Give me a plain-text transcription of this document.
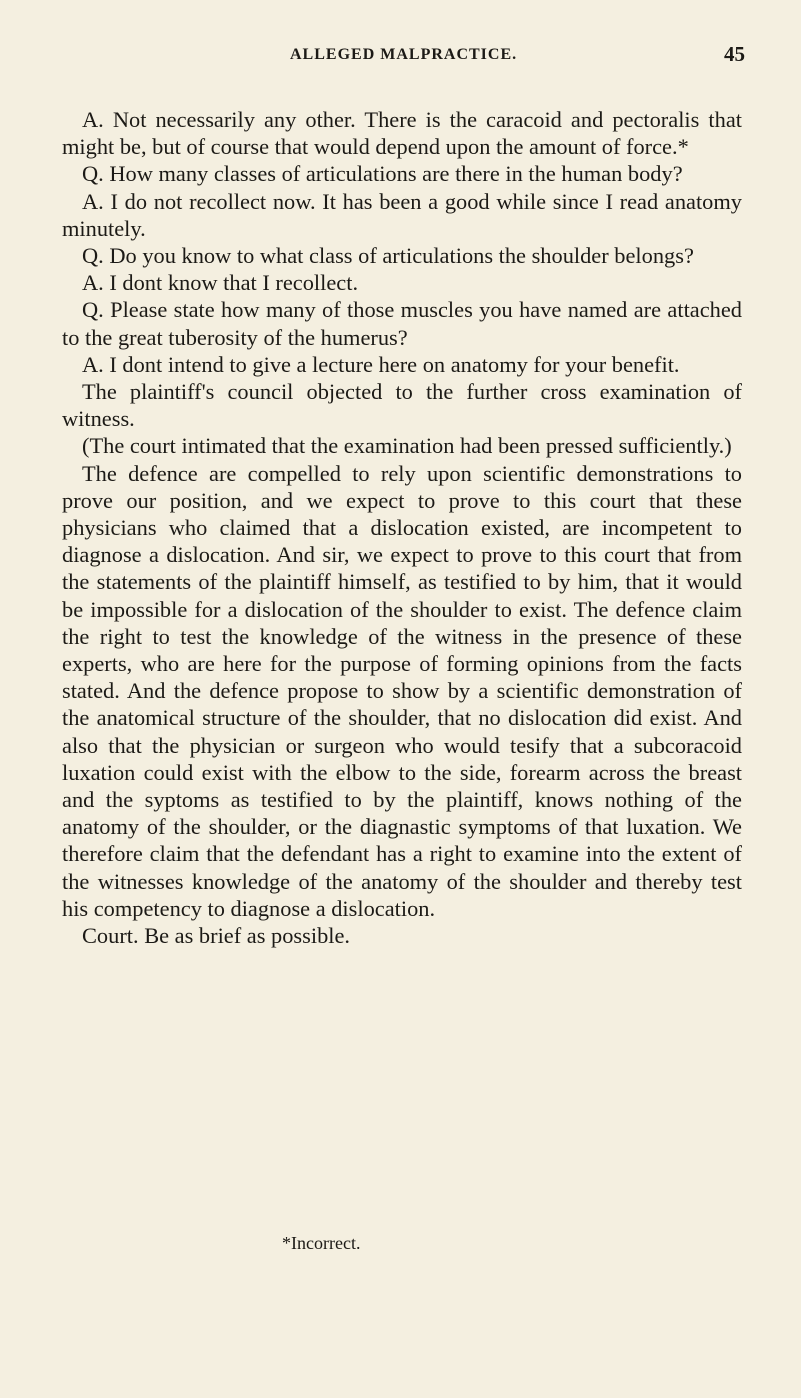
ALLEGED MALPRACTICE.	45

A. Not necessarily any other. There is the caracoid and pectoralis that might be, but of course that would depend upon the amount of force.*

Q. How many classes of articulations are there in the human body?

A. I do not recollect now. It has been a good while since I read anatomy minutely.

Q. Do you know to what class of articulations the shoulder belongs?

A. I dont know that I recollect.

Q. Please state how many of those muscles you have named are attached to the great tuberosity of the humerus?

A. I dont intend to give a lecture here on anatomy for your benefit.

The plaintiff's council objected to the further cross examination of witness.

(The court intimated that the examination had been pressed sufficiently.)

The defence are compelled to rely upon scientific demonstrations to prove our position, and we expect to prove to this court that these physicians who claimed that a dislocation existed, are incompetent to diagnose a dislocation. And sir, we expect to prove to this court that from the statements of the plaintiff himself, as testified to by him, that it would be impossible for a dislocation of the shoulder to exist. The defence claim the right to test the knowledge of the witness in the presence of these experts, who are here for the purpose of forming opinions from the facts stated. And the defence propose to show by a scientific demonstration of the anatomical structure of the shoulder, that no dislocation did exist. And also that the physician or surgeon who would tesify that a subcoracoid luxation could exist with the elbow to the side, forearm across the breast and the syptoms as testified to by the plaintiff, knows nothing of the anatomy of the shoulder, or the diagnastic symptoms of that luxation. We therefore claim that the defendant has a right to examine into the extent of the witnesses knowledge of the anatomy of the shoulder and thereby test his competency to diagnose a dislocation.

Court. Be as brief as possible.

*Incorrect.
